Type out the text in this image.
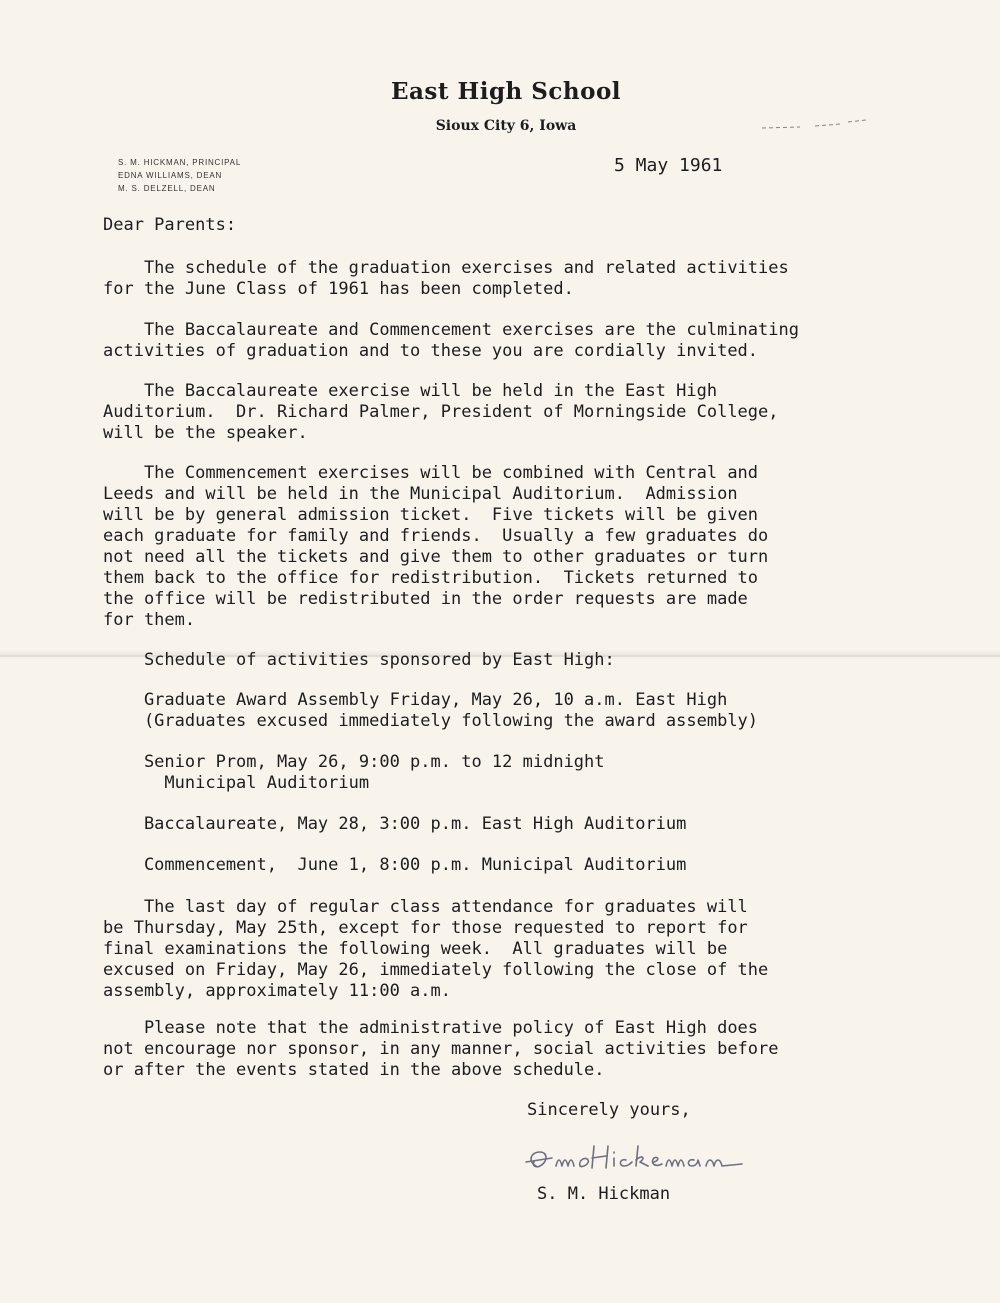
East High School
Sioux City 6, Iowa
S. M. HICKMAN, PRINCIPAL
EDNA WILLIAMS, DEAN
M. S. DELZELL, DEAN
5 May 1961
Dear Parents:
The schedule of the graduation exercises and related activities
for the June Class of 1961 has been completed.
The Baccalaureate and Commencement exercises are the culminating
activities of graduation and to these you are cordially invited.
The Baccalaureate exercise will be held in the East High
Auditorium.  Dr. Richard Palmer, President of Morningside College,
will be the speaker.
The Commencement exercises will be combined with Central and
Leeds and will be held in the Municipal Auditorium.  Admission
will be by general admission ticket.  Five tickets will be given
each graduate for family and friends.  Usually a few graduates do
not need all the tickets and give them to other graduates or turn
them back to the office for redistribution.  Tickets returned to
the office will be redistributed in the order requests are made
for them.
Schedule of activities sponsored by East High:
Graduate Award Assembly Friday, May 26, 10 a.m. East High
(Graduates excused immediately following the award assembly)
Senior Prom, May 26, 9:00 p.m. to 12 midnight
Municipal Auditorium
Baccalaureate, May 28, 3:00 p.m. East High Auditorium
Commencement,  June 1, 8:00 p.m. Municipal Auditorium
The last day of regular class attendance for graduates will
be Thursday, May 25th, except for those requested to report for
final examinations the following week.  All graduates will be
excused on Friday, May 26, immediately following the close of the
assembly, approximately 11:00 a.m.
Please note that the administrative policy of East High does
not encourage nor sponsor, in any manner, social activities before
or after the events stated in the above schedule.
Sincerely yours,
S. M. Hickman
